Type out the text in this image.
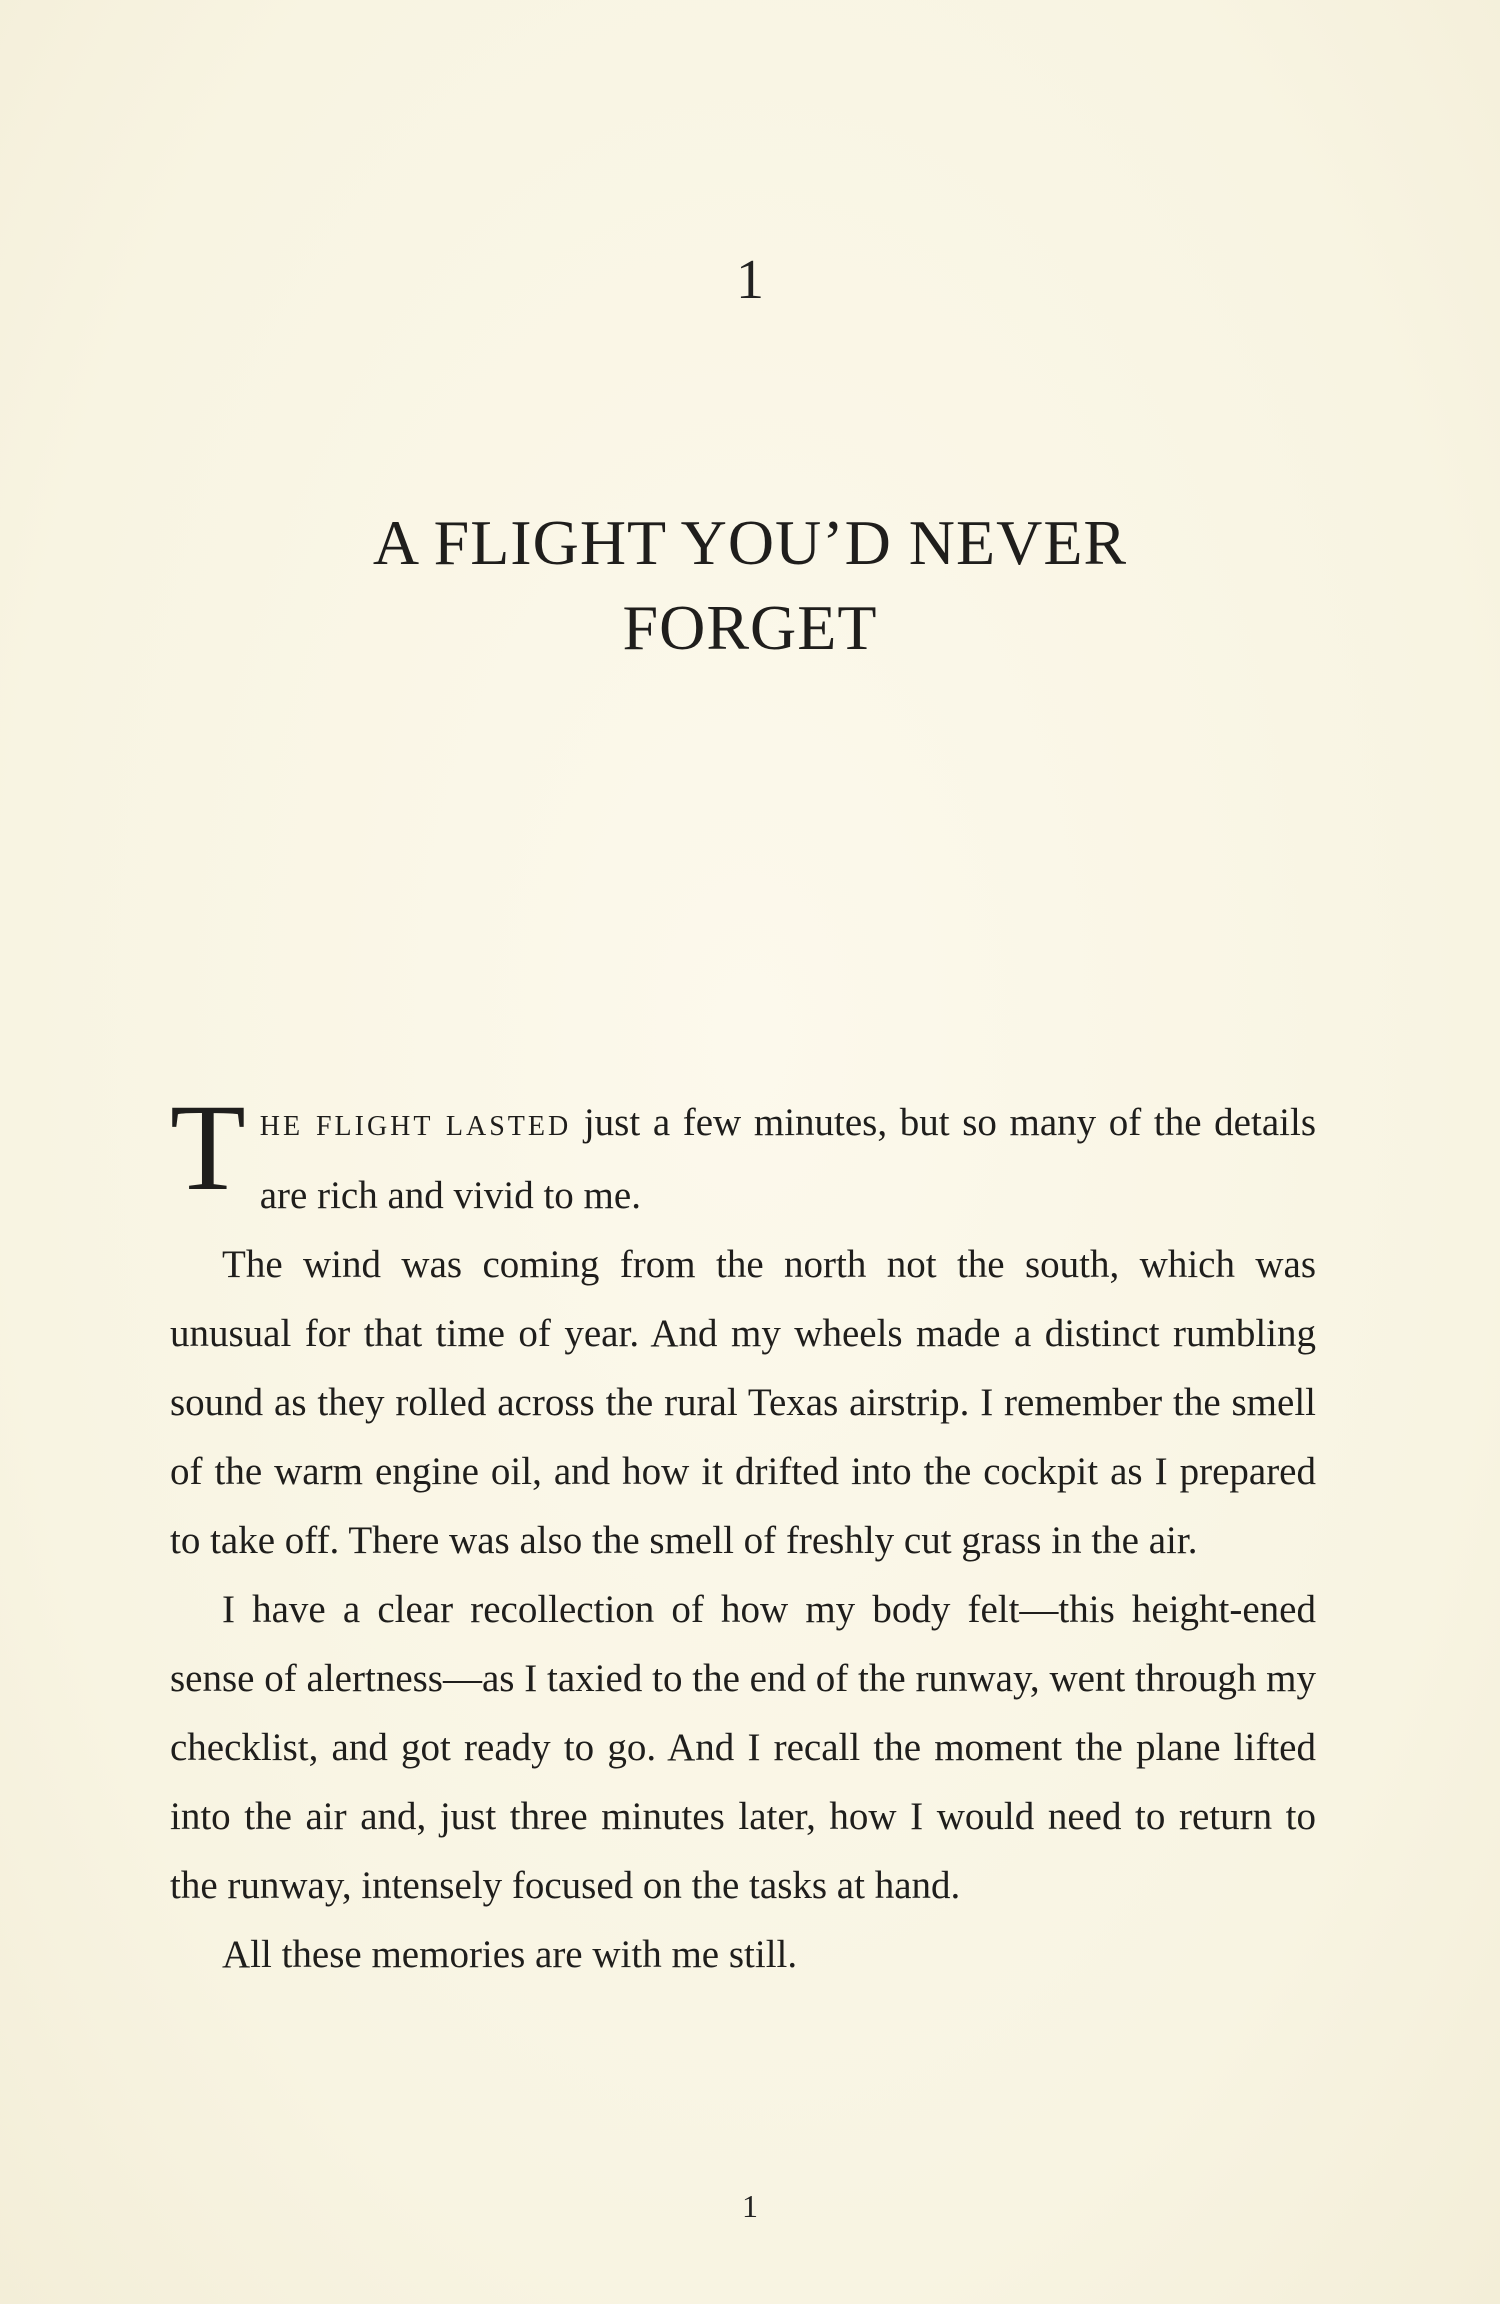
1
A FLIGHT YOU’D NEVER
FORGET

THE FLIGHT LASTED just a few minutes, but so many of the details are rich and vivid to me.

The wind was coming from the north not the south, which was unusual for that time of year. And my wheels made a distinct rumbling sound as they rolled across the rural Texas airstrip. I remember the smell of the warm engine oil, and how it drifted into the cockpit as I prepared to take off. There was also the smell of freshly cut grass in the air.

I have a clear recollection of how my body felt—this height-ened sense of alertness—as I taxied to the end of the runway, went through my checklist, and got ready to go. And I recall the moment the plane lifted into the air and, just three minutes later, how I would need to return to the runway, intensely focused on the tasks at hand.

All these memories are with me still.

1
